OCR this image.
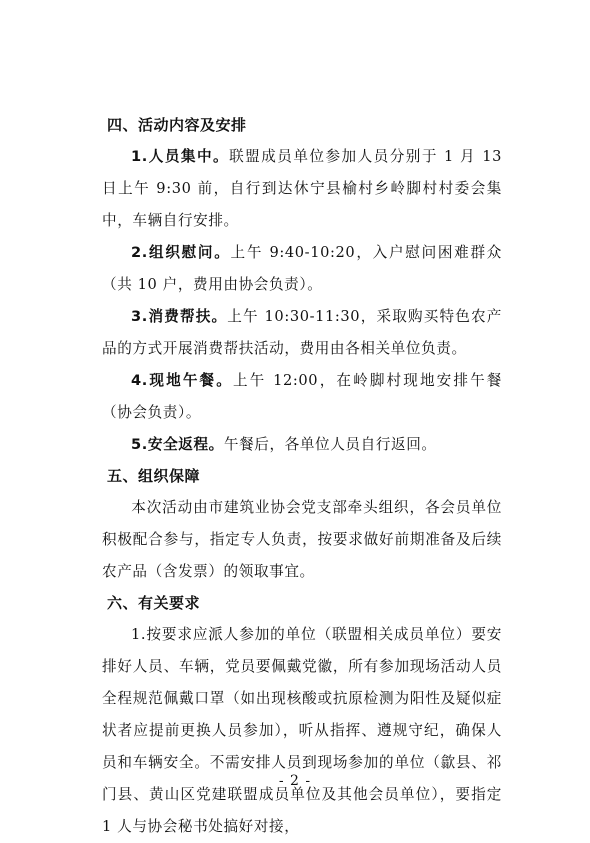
四、活动内容及安排

1.人员集中。联盟成员单位参加人员分别于 1 月 13 日上午 9:30 前，自行到达休宁县榆村乡岭脚村村委会集中，车辆自行安排。

2.组织慰问。上午 9:40-10:20，入户慰问困难群众（共 10 户，费用由协会负责）。

3.消费帮扶。上午 10:30-11:30，采取购买特色农产品的方式开展消费帮扶活动，费用由各相关单位负责。

4.现地午餐。上午 12:00，在岭脚村现地安排午餐（协会负责）。

5.安全返程。午餐后，各单位人员自行返回。

五、组织保障

本次活动由市建筑业协会党支部牵头组织，各会员单位积极配合参与，指定专人负责，按要求做好前期准备及后续农产品（含发票）的领取事宜。

六、有关要求

1.按要求应派人参加的单位（联盟相关成员单位）要安排好人员、车辆，党员要佩戴党徽，所有参加现场活动人员全程规范佩戴口罩（如出现核酸或抗原检测为阳性及疑似症状者应提前更换人员参加），听从指挥、遵规守纪，确保人员和车辆安全。不需安排人员到现场参加的单位（歙县、祁门县、黄山区党建联盟成员单位及其他会员单位），要指定 1 人与协会秘书处搞好对接，

- 2 -
